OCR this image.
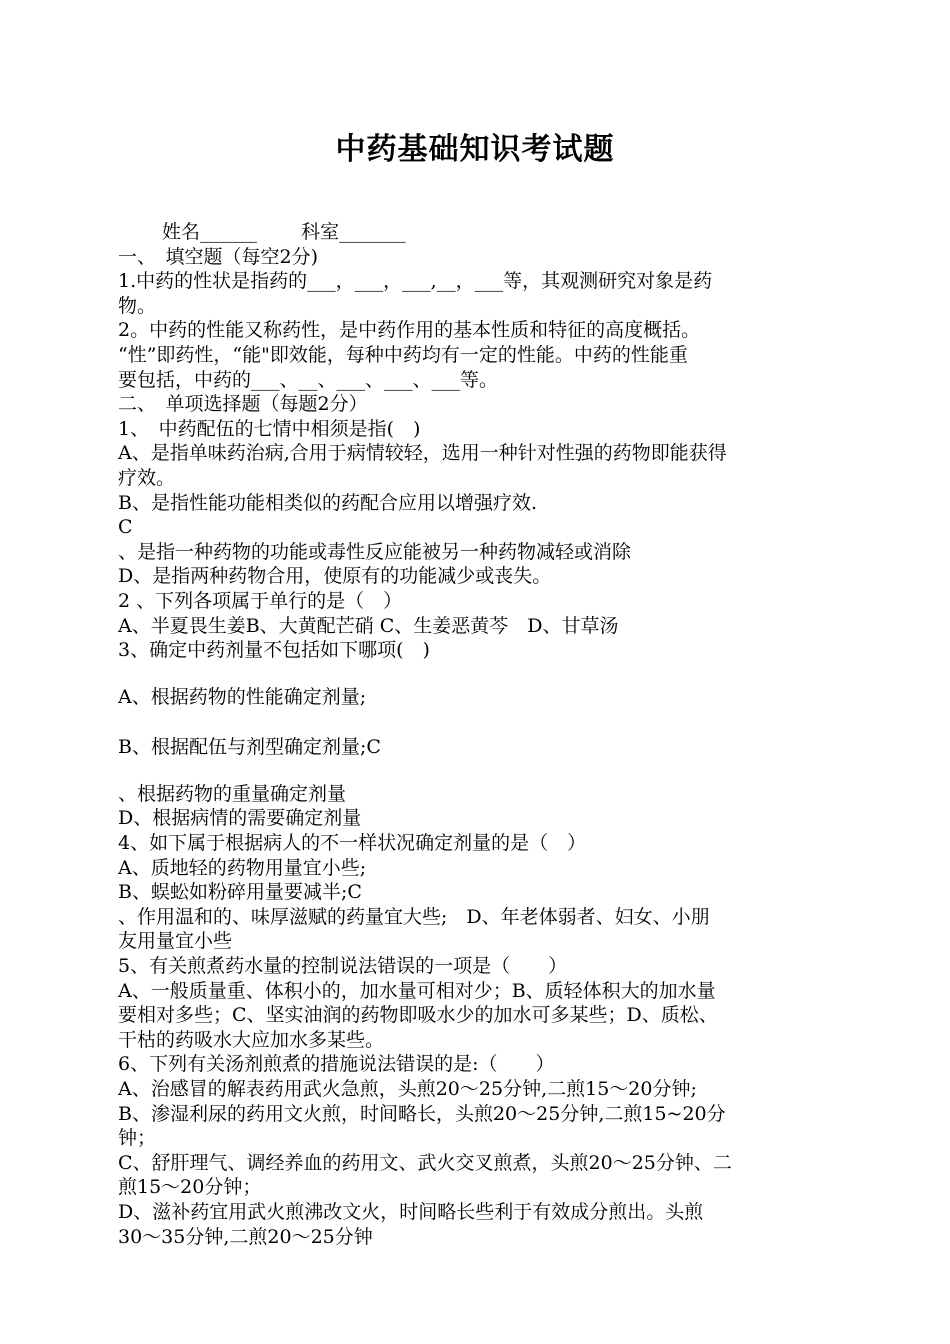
中药基础知识考试题
　　 姓名______　　 科室_______
一、　填空题（每空2分)
1.中药的性状是指药的___，___，___,__，___等，其观测研究对象是药
物。
2。中药的性能又称药性，是中药作用的基本性质和特征的高度概括。
“性”即药性，“能"即效能，每种中药均有一定的性能。中药的性能重
要包括，中药的___、__、___、___、___等。
二、　单项选择题（每题2分）
1、　中药配伍的七情中相须是指(　)
A、是指单味药治病,合用于病情较轻，选用一种针对性强的药物即能获得
疗效。
B、是指性能功能相类似的药配合应用以增强疗效.
C
、是指一种药物的功能或毒性反应能被另一种药物减轻或消除
D、是指两种药物合用，使原有的功能减少或丧失。
2 、下列各项属于单行的是（　）
A、半夏畏生姜B、大黄配芒硝 C、生姜恶黄芩　D、甘草汤
3、确定中药剂量不包括如下哪项(　)
A、根据药物的性能确定剂量;
B、根据配伍与剂型确定剂量;C
、根据药物的重量确定剂量
D、根据病情的需要确定剂量
4、如下属于根据病人的不一样状况确定剂量的是（　）
A、质地轻的药物用量宜小些;
B、蜈蚣如粉碎用量要减半;C
、作用温和的、味厚滋赋的药量宜大些;　D、年老体弱者、妇女、小朋
友用量宜小些
5、有关煎煮药水量的控制说法错误的一项是（　　）
A、一般质量重、体积小的，加水量可相对少；B、质轻体积大的加水量
要相对多些；C、坚实油润的药物即吸水少的加水可多某些；D、质松、
干枯的药吸水大应加水多某些。
6、下列有关汤剂煎煮的措施说法错误的是:（　　）
A、治感冒的解表药用武火急煎，头煎20～25分钟,二煎15～20分钟;
B、渗湿利尿的药用文火煎，时间略长，头煎20～25分钟,二煎15~20分
钟；
C、舒肝理气、调经养血的药用文、武火交叉煎煮，头煎20～25分钟、二
煎15～20分钟；
D、滋补药宜用武火煎沸改文火，时间略长些利于有效成分煎出。头煎
30～35分钟,二煎20～25分钟
